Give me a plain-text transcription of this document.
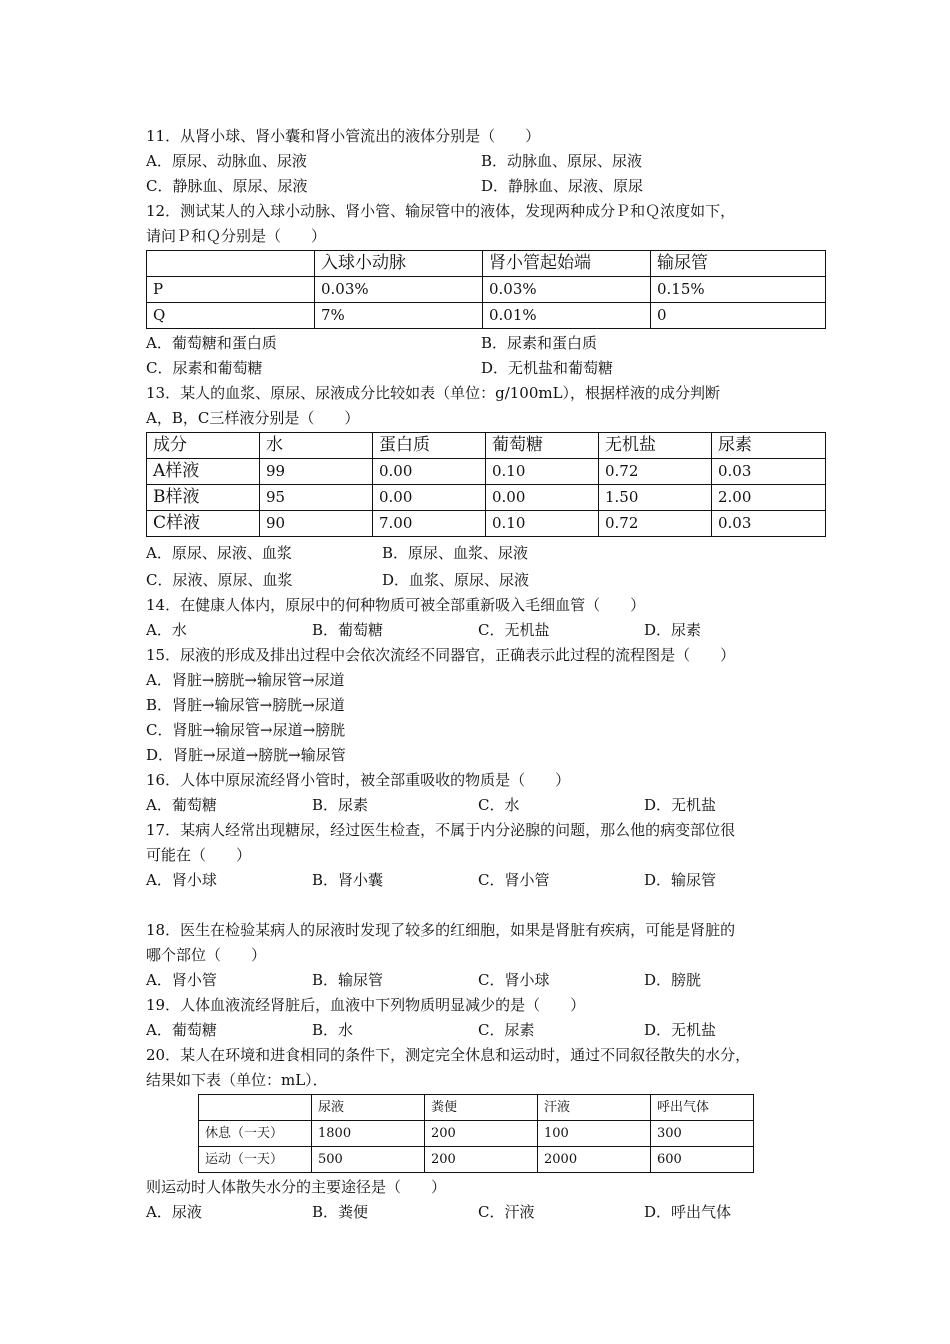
11．从肾小球、肾小囊和肾小管流出的液体分别是（　　）
A．原尿、动脉血、尿液	B．动脉血、原尿、尿液
C．静脉血、原尿、尿液	D．静脉血、尿液、原尿
12．测试某人的入球小动脉、肾小管、输尿管中的液体，发现两种成分Ｐ和Ｑ浓度如下，
请问Ｐ和Ｑ分别是（　　）
	入球小动脉	肾小管起始端	输尿管
P	0.03%	0.03%	0.15%
Q	7%	0.01%	0
A．葡萄糖和蛋白质	B．尿素和蛋白质
C．尿素和葡萄糖	D．无机盐和葡萄糖
13．某人的血浆、原尿、尿液成分比较如表（单位：g/100mL），根据样液的成分判断
A，B，C三样液分别是（　　）
成分	水	蛋白质	葡萄糖	无机盐	尿素
A样液	99	0.00	0.10	0.72	0.03
B样液	95	0.00	0.00	1.50	2.00
C样液	90	7.00	0.10	0.72	0.03
A．原尿、尿液、血浆	B．原尿、血浆、尿液
C．尿液、原尿、血浆	D．血浆、原尿、尿液
14．在健康人体内，原尿中的何种物质可被全部重新吸入毛细血管（　　）
A．水	B．葡萄糖	C．无机盐	D．尿素
15．尿液的形成及排出过程中会依次流经不同器官，正确表示此过程的流程图是（　　）
A．肾脏→膀胱→输尿管→尿道
B．肾脏→输尿管→膀胱→尿道
C．肾脏→输尿管→尿道→膀胱
D．肾脏→尿道→膀胱→输尿管
16．人体中原尿流经肾小管时，被全部重吸收的物质是（　　）
A．葡萄糖	B．尿素	C．水	D．无机盐
17．某病人经常出现糖尿，经过医生检查，不属于内分泌腺的问题，那么他的病变部位很
可能在（　　）
A．肾小球	B．肾小囊	C．肾小管	D．输尿管
18．医生在检验某病人的尿液时发现了较多的红细胞，如果是肾脏有疾病，可能是肾脏的
哪个部位（　　）
A．肾小管	B．输尿管	C．肾小球	D．膀胱
19．人体血液流经肾脏后，血液中下列物质明显减少的是（　　）
A．葡萄糖	B．水	C．尿素	D．无机盐
20．某人在环境和进食相同的条件下，测定完全休息和运动时，通过不同叙径散失的水分，
结果如下表（单位：mL）．
	尿液	粪便	汗液	呼出气体
休息（一天）	1800	200	100	300
运动（一天）	500	200	2000	600
则运动时人体散失水分的主要途径是（　　）
A．尿液	B．粪便	C．汗液	D．呼出气体
